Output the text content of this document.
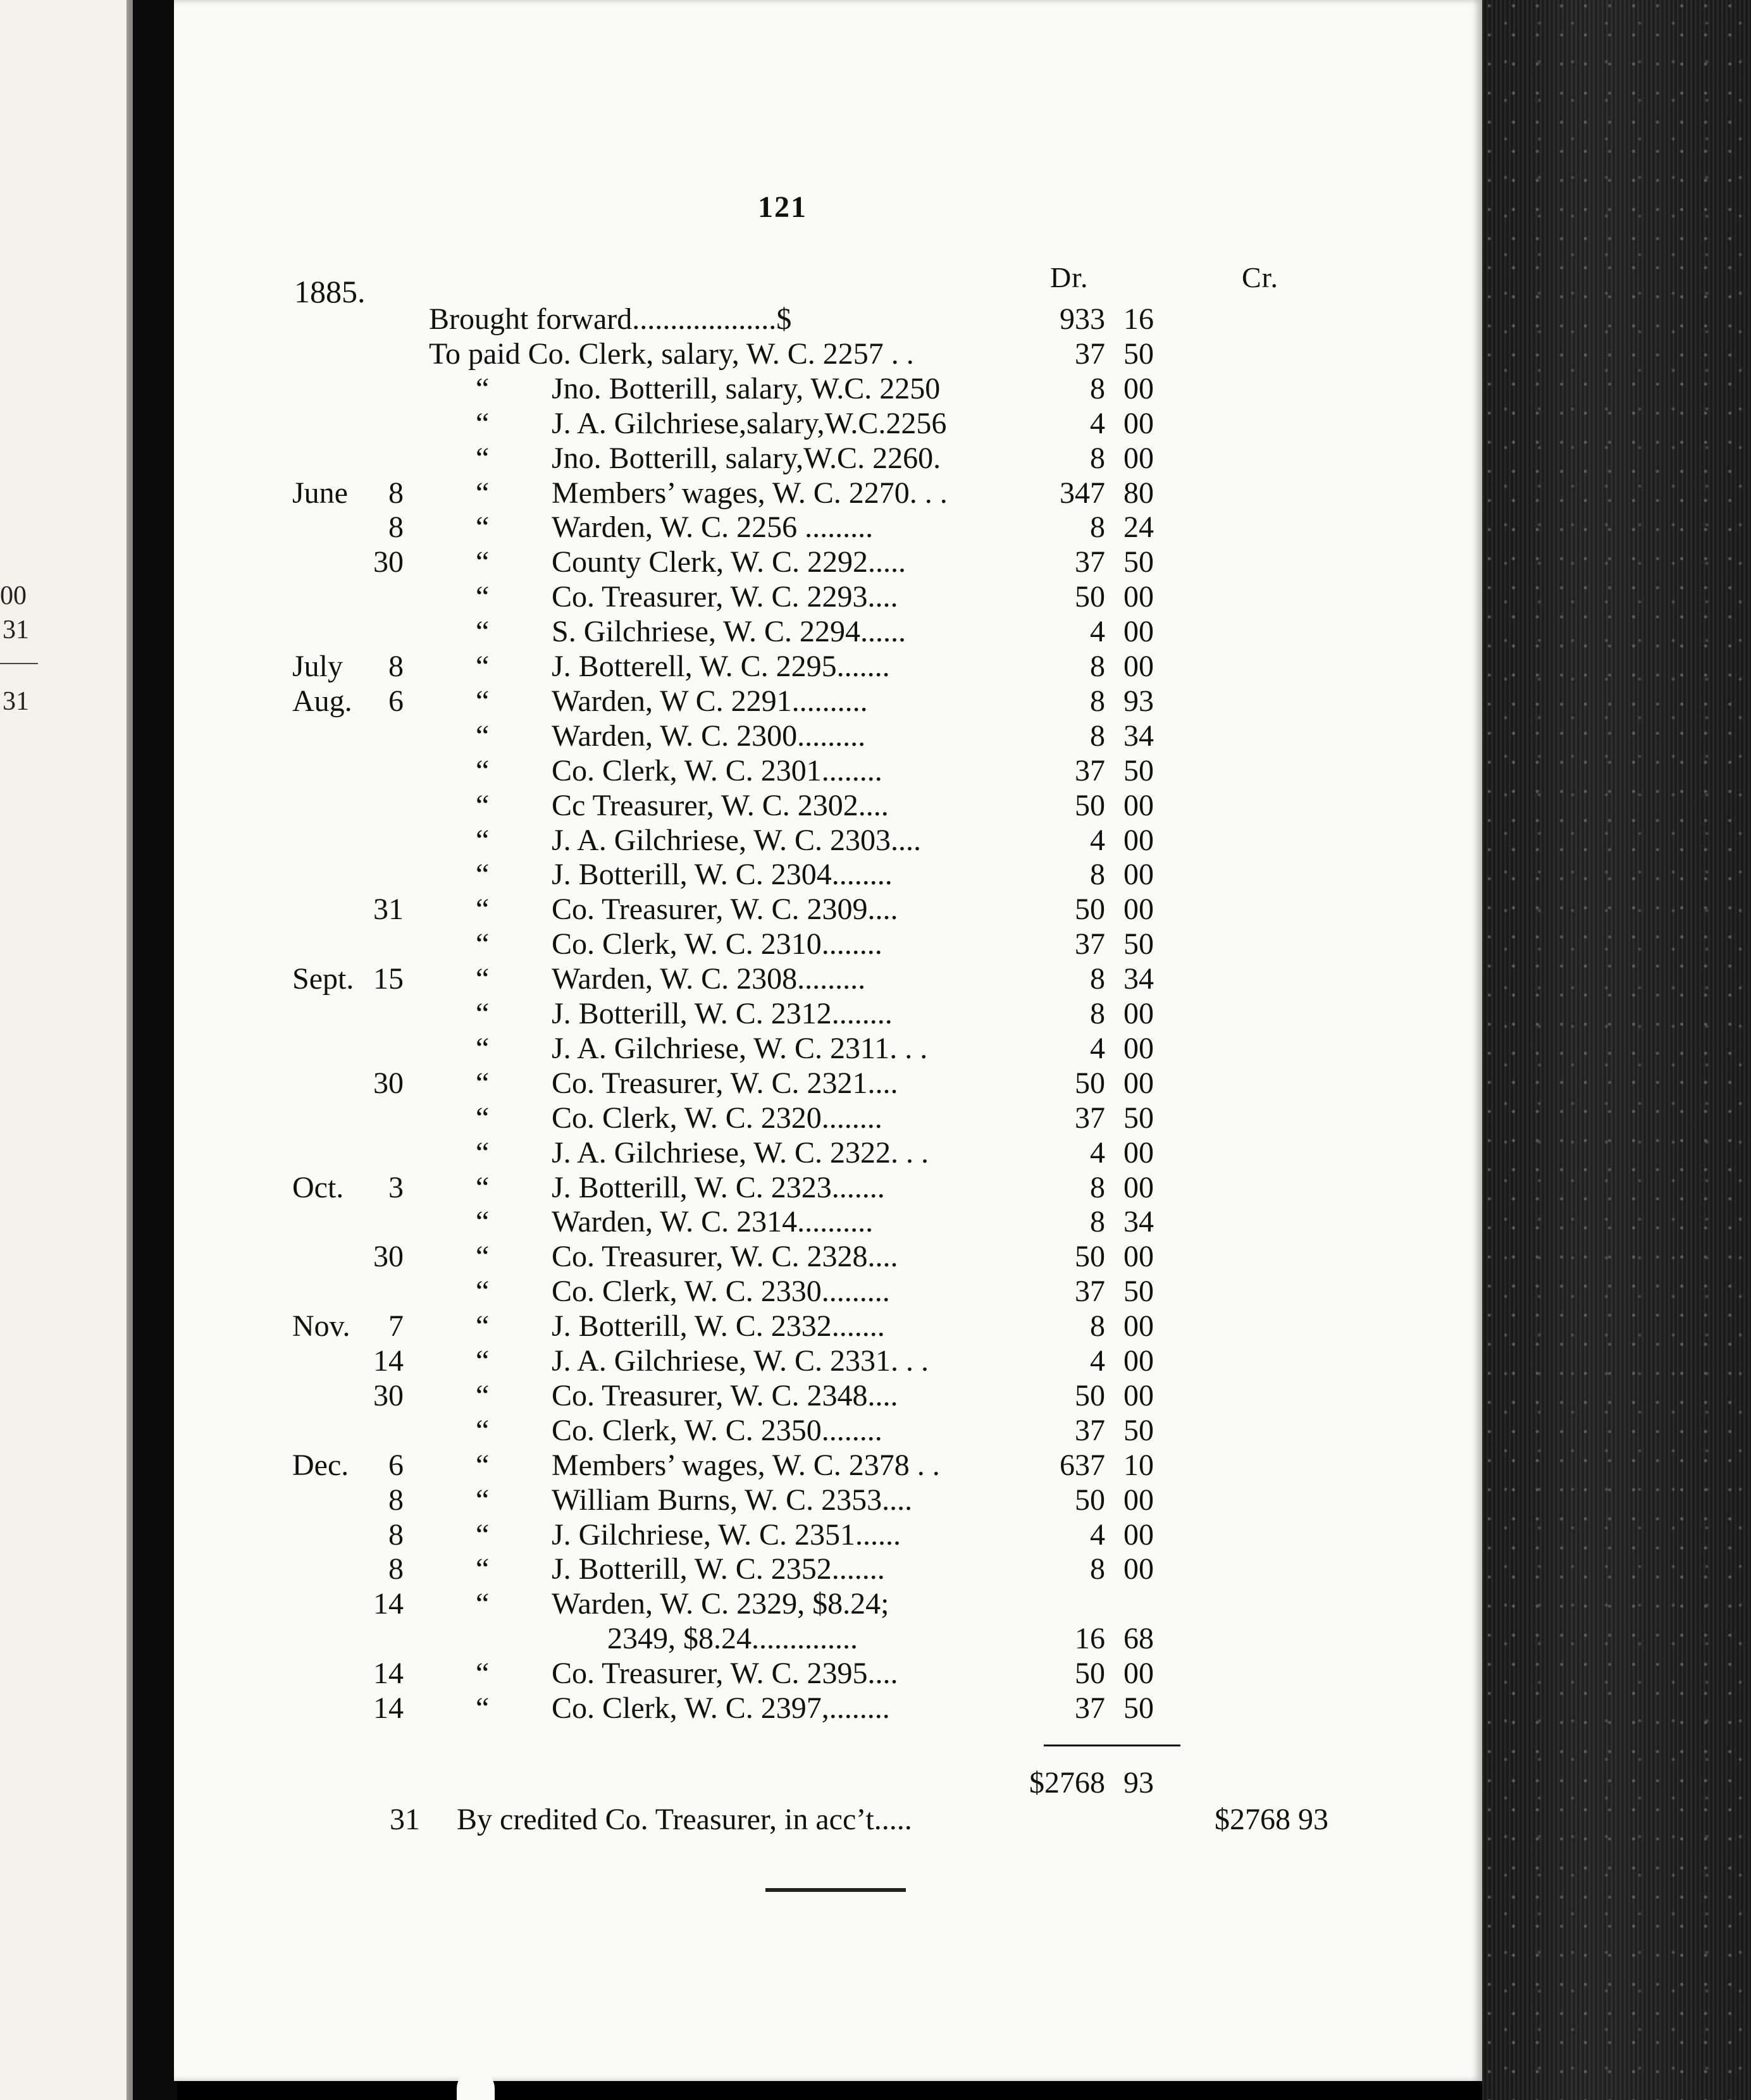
00
31
31
121
1885.	Dr.	Cr.
Brought forward...................$	933 16
To paid Co. Clerk, salary, W. C. 2257 . .	37 50
“ Jno. Botterill, salary, W.C. 2250	8 00
“ J. A. Gilchriese,salary,W.C.2256	4 00
“ Jno. Botterill, salary,W.C. 2260.	8 00
June	8 “ Members’ wages, W. C. 2270. . .	347 80
8 “ Warden, W. C. 2256 .........	8 24
30 “ County Clerk, W. C. 2292.....	37 50
“ Co. Treasurer, W. C. 2293....	50 00
“ S. Gilchriese, W. C. 2294......	4 00
July	8 “ J. Botterell, W. C. 2295.......	8 00
Aug.	6 “ Warden, W C. 2291..........	8 93
“ Warden, W. C. 2300.........	8 34
“ Co. Clerk, W. C. 2301........	37 50
“ Cc Treasurer, W. C. 2302....	50 00
“ J. A. Gilchriese, W. C. 2303....	4 00
“ J. Botterill, W. C. 2304........	8 00
31 “ Co. Treasurer, W. C. 2309....	50 00
“ Co. Clerk, W. C. 2310........	37 50
Sept. 15 “ Warden, W. C. 2308.........	8 34
“ J. Botterill, W. C. 2312........	8 00
“ J. A. Gilchriese, W. C. 2311. . .	4 00
30 “ Co. Treasurer, W. C. 2321....	50 00
“ Co. Clerk, W. C. 2320........	37 50
“ J. A. Gilchriese, W. C. 2322. . .	4 00
Oct.	3 “ J. Botterill, W. C. 2323.......	8 00
“ Warden, W. C. 2314..........	8 34
30 “ Co. Treasurer, W. C. 2328....	50 00
“ Co. Clerk, W. C. 2330.........	37 50
Nov.	7 “ J. Botterill, W. C. 2332.......	8 00
14 “ J. A. Gilchriese, W. C. 2331. . .	4 00
30 “ Co. Treasurer, W. C. 2348....	50 00
“ Co. Clerk, W. C. 2350........	37 50
Dec.	6 “ Members’ wages, W. C. 2378 . .	637 10
8 “ William Burns, W. C. 2353....	50 00
8 “ J. Gilchriese, W. C. 2351......	4 00
8 “ J. Botterill, W. C. 2352.......	8 00
14 “ Warden, W. C. 2329, $8.24;
2349, $8.24..............	16 68
14 “ Co. Treasurer, W. C. 2395....	50 00
14 “ Co. Clerk, W. C. 2397,........	37 50
$2768 93
31 By credited Co. Treasurer, in acc’t.....	$2768 93
